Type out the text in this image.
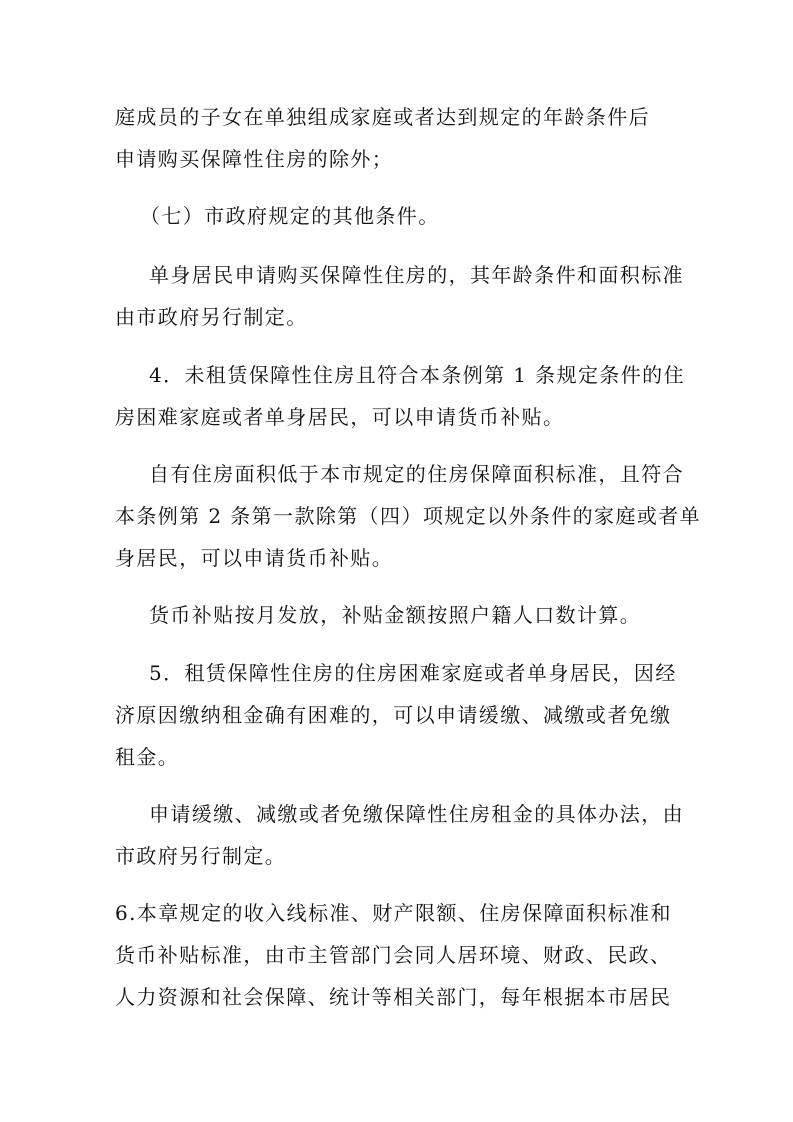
庭成员的子女在单独组成家庭或者达到规定的年龄条件后
申请购买保障性住房的除外；
（七）市政府规定的其他条件。
单身居民申请购买保障性住房的，其年龄条件和面积标准
由市政府另行制定。
4．未租赁保障性住房且符合本条例第 1 条规定条件的住
房困难家庭或者单身居民，可以申请货币补贴。
自有住房面积低于本市规定的住房保障面积标准，且符合
本条例第 2 条第一款除第（四）项规定以外条件的家庭或者单
身居民，可以申请货币补贴。
货币补贴按月发放，补贴金额按照户籍人口数计算。
5．租赁保障性住房的住房困难家庭或者单身居民，因经
济原因缴纳租金确有困难的，可以申请缓缴、减缴或者免缴
租金。
申请缓缴、减缴或者免缴保障性住房租金的具体办法，由
市政府另行制定。
6.本章规定的收入线标准、财产限额、住房保障面积标准和
货币补贴标准，由市主管部门会同人居环境、财政、民政、
人力资源和社会保障、统计等相关部门，每年根据本市居民
